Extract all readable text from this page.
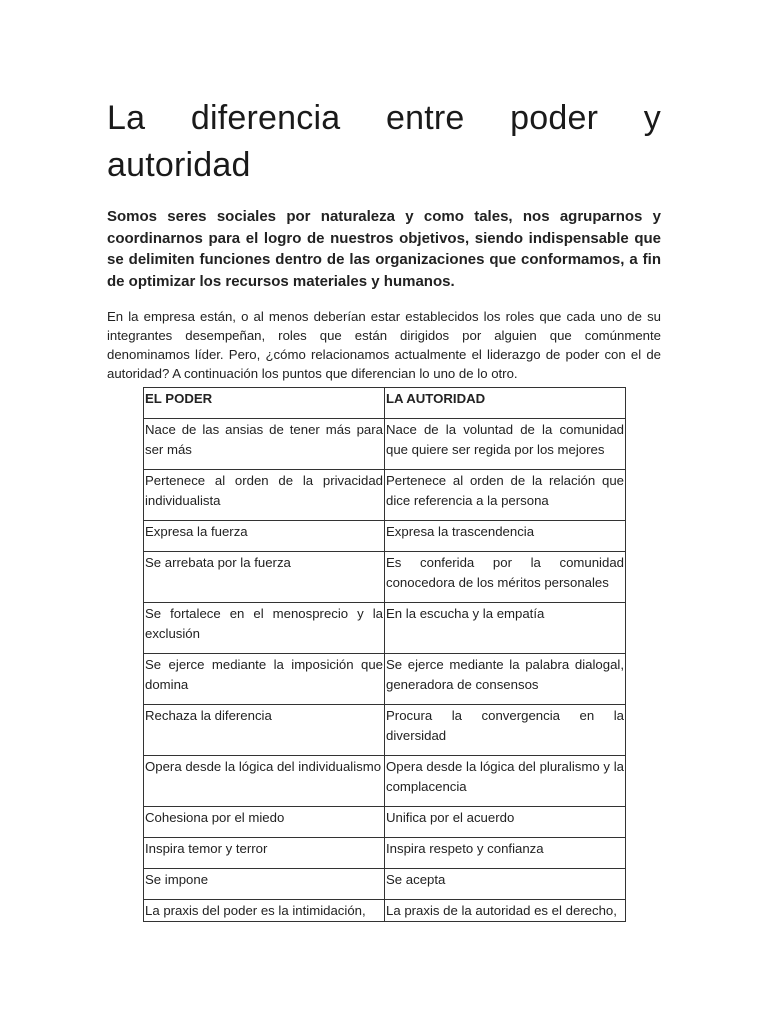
La diferencia entre poder y autoridad

Somos seres sociales por naturaleza y como tales, nos agruparnos y coordinarnos para el logro de nuestros objetivos, siendo indispensable que se delimiten funciones dentro de las organizaciones que conformamos, a fin de optimizar los recursos materiales y humanos.

En la empresa están, o al menos deberían estar establecidos los roles que cada uno de su integrantes desempeñan, roles que están dirigidos por alguien que comúnmente denominamos líder. Pero, ¿cómo relacionamos actualmente el liderazgo de poder con el de autoridad? A continuación los puntos que diferencian lo uno de lo otro.

EL PODER	LA AUTORIDAD
Nace de las ansias de tener más para ser más	Nace de la voluntad de la comunidad que quiere ser regida por los mejores
Pertenece al orden de la privacidad individualista	Pertenece al orden de la relación que dice referencia a la persona
Expresa la fuerza	Expresa la trascendencia
Se arrebata por la fuerza	Es conferida por la comunidad conocedora de los méritos personales
Se fortalece en el menosprecio y la exclusión	En la escucha y la empatía
Se ejerce mediante la imposición que domina	Se ejerce mediante la palabra dialogal, generadora de consensos
Rechaza la diferencia	Procura la convergencia en la diversidad
Opera desde la lógica del individualismo	Opera desde la lógica del pluralismo y la complacencia
Cohesiona por el miedo	Unifica por el acuerdo
Inspira temor y terror	Inspira respeto y confianza
Se impone	Se acepta
La praxis del poder es la intimidación,	La praxis de la autoridad es el derecho,
